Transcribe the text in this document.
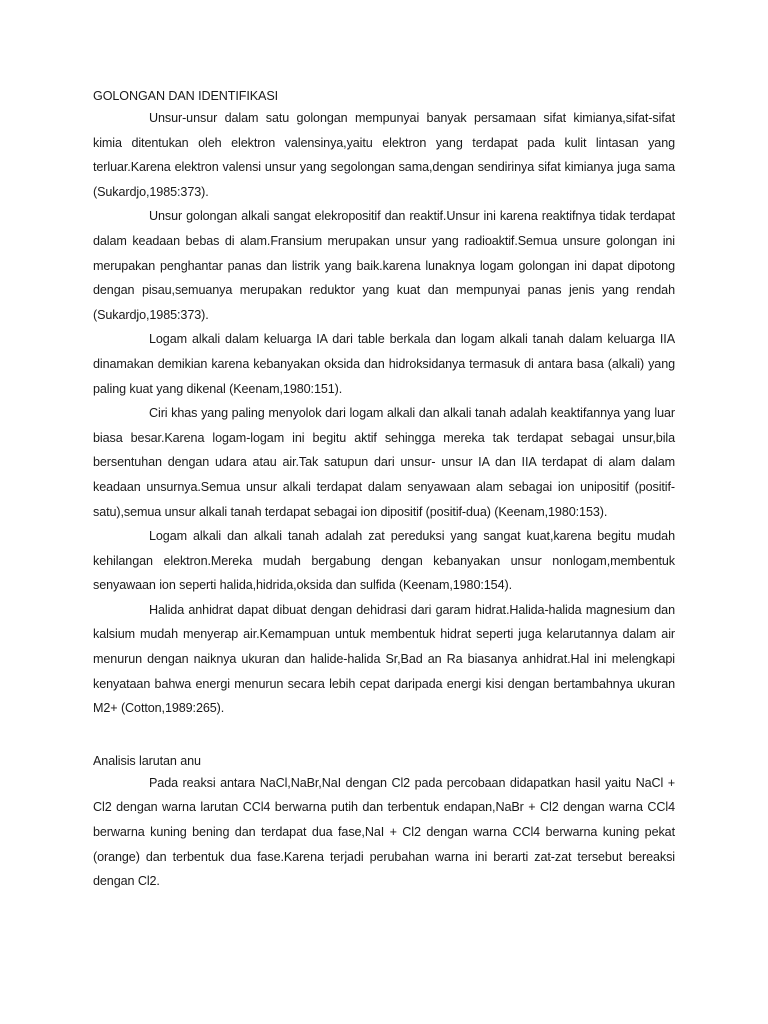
GOLONGAN DAN IDENTIFIKASI

Unsur-unsur dalam satu golongan mempunyai banyak persamaan sifat kimianya,sifat-sifat kimia ditentukan oleh elektron valensinya,yaitu elektron yang terdapat pada kulit lintasan yang terluar.Karena elektron valensi unsur yang segolongan sama,dengan sendirinya sifat kimianya juga sama (Sukardjo,1985:373).

Unsur golongan alkali sangat elekropositif dan reaktif.Unsur ini karena reaktifnya tidak terdapat dalam keadaan bebas di alam.Fransium merupakan unsur yang radioaktif.Semua unsure golongan ini merupakan penghantar panas dan listrik yang baik.karena lunaknya logam golongan ini dapat dipotong dengan pisau,semuanya merupakan reduktor yang kuat dan mempunyai panas jenis yang rendah (Sukardjo,1985:373).

Logam alkali dalam keluarga IA dari table berkala dan logam alkali tanah dalam keluarga IIA dinamakan demikian karena kebanyakan oksida dan hidroksidanya termasuk di antara basa (alkali) yang paling kuat yang dikenal (Keenam,1980:151).

Ciri khas yang paling menyolok dari logam alkali dan alkali tanah adalah keaktifannya yang luar biasa besar.Karena logam-logam ini begitu aktif sehingga mereka tak terdapat sebagai unsur,bila bersentuhan dengan udara atau air.Tak satupun dari unsur- unsur IA dan IIA terdapat di alam dalam keadaan unsurnya.Semua unsur alkali terdapat dalam senyawaan alam sebagai ion unipositif (positif-satu),semua unsur alkali tanah terdapat sebagai ion dipositif (positif-dua) (Keenam,1980:153).

Logam alkali dan alkali tanah adalah zat pereduksi yang sangat kuat,karena begitu mudah kehilangan elektron.Mereka mudah bergabung dengan kebanyakan unsur nonlogam,membentuk senyawaan ion seperti halida,hidrida,oksida dan sulfida (Keenam,1980:154).

Halida anhidrat dapat dibuat dengan dehidrasi dari garam hidrat.Halida-halida magnesium dan kalsium mudah menyerap air.Kemampuan untuk membentuk hidrat seperti juga kelarutannya dalam air menurun dengan naiknya ukuran dan halide-halida Sr,Bad an Ra biasanya anhidrat.Hal ini melengkapi kenyataan bahwa energi menurun secara lebih cepat daripada energi kisi dengan bertambahnya ukuran M2+ (Cotton,1989:265).

Analisis larutan anu

Pada reaksi antara NaCl,NaBr,NaI dengan Cl2 pada percobaan didapatkan hasil yaitu NaCl + Cl2 dengan warna larutan CCl4 berwarna putih dan terbentuk endapan,NaBr + Cl2 dengan warna CCl4 berwarna kuning bening dan terdapat dua fase,NaI + Cl2 dengan warna CCl4 berwarna kuning pekat (orange) dan terbentuk dua fase.Karena terjadi perubahan warna ini berarti zat-zat tersebut bereaksi dengan Cl2.
